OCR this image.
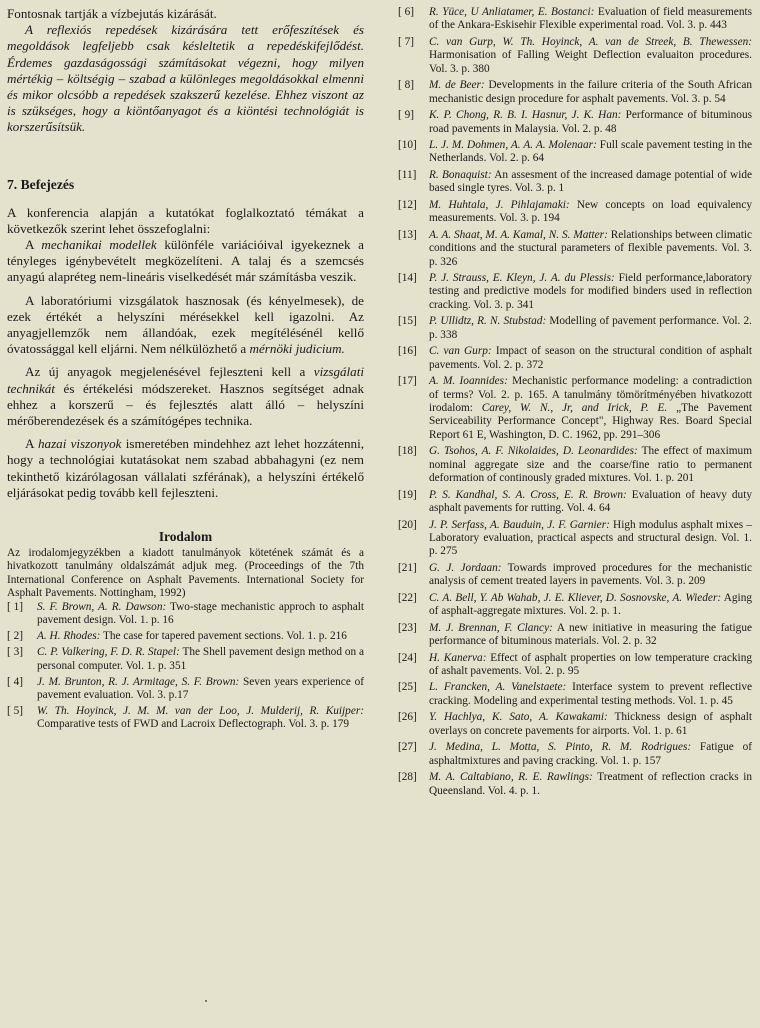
Fontosnak tartják a vízbejutás kizárását.

A reflexiós repedések kizárására tett erőfeszítések és megoldások legfeljebb csak késleltetik a repedéskifejlődést. Érdemes gazdaságossági számításokat végezni, hogy milyen mértékig – költségig – szabad a különleges megoldásokkal elmenni és mikor olcsóbb a repedések szakszerű kezelése. Ehhez viszont az is szükséges, hogy a kiöntőanyagot és a kiöntési technológiát is korszerűsítsük.

7. Befejezés

A konferencia alapján a kutatókat foglalkoztató témákat a következők szerint lehet összefoglalni:

A mechanikai modellek különféle variációival igyekeznek a tényleges igénybevételt megközelíteni. A talaj és a szemcsés anyagú alapréteg nem-lineáris viselkedését már számításba veszik.

A laboratóriumi vizsgálatok hasznosak (és kényelmesek), de ezek értékét a helyszíni mérésekkel kell igazolni. Az anyagjellemzők nem állandóak, ezek megítélésénél kellő óvatossággal kell eljárni. Nem nélkülözhető a mérnöki judicium.

Az új anyagok megjelenésével fejleszteni kell a vizsgálati technikát és értékelési módszereket. Hasznos segítséget adnak ehhez a korszerű – és fejlesztés alatt álló – helyszíni mérőberendezések és a számítógépes technika.

A hazai viszonyok ismeretében mindehhez azt lehet hozzátenni, hogy a technológiai kutatásokat nem szabad abbahagyni (ez nem tekinthető kizárólagosan vállalati szférának), a helyszíni értékelő eljárásokat pedig tovább kell fejleszteni.

Irodalom

Az irodalomjegyzékben a kiadott tanulmányok kötetének számát és a hivatkozott tanulmány oldalszámát adjuk meg. (Proceedings of the 7th International Conference on Asphalt Pavements. International Society for Asphalt Pavements. Nottingham, 1992)

[ 1]	S. F. Brown, A. R. Dawson: Two-stage mechanistic approch to asphalt pavement design. Vol. 1. p. 16
[ 2]	A. H. Rhodes: The case for tapered pavement sections. Vol. 1. p. 216
[ 3]	C. P. Valkering, F. D. R. Stapel: The Shell pavement design method on a personal computer. Vol. 1. p. 351
[ 4]	J. M. Brunton, R. J. Armitage, S. F. Brown: Seven years experience of pavement evaluation. Vol. 3. p.17
[ 5]	W. Th. Hoyinck, J. M. M. van der Loo, J. Mulderij, R. Kuijper: Comparative tests of FWD and Lacroix Deflectograph. Vol. 3. p. 179
[ 6]	R. Yüce, U Anliatamer, E. Bostanci: Evaluation of field measurements of the Ankara-Eskisehir Flexible experimental road. Vol. 3. p. 443
[ 7]	C. van Gurp, W. Th. Hoyinck, A. van de Streek, B. Thewessen: Harmonisation of Falling Weight Deflection evaluaiton procedures. Vol. 3. p. 380
[ 8]	M. de Beer: Developments in the failure criteria of the South African mechanistic design procedure for asphalt pavements. Vol. 3. p. 54
[ 9]	K. P. Chong, R. B. I. Hasnur, J. K. Han: Performance of bituminous road pavements in Malaysia. Vol. 2. p. 48
[10]	L. J. M. Dohmen, A. A. A. Molenaar: Full scale pavement testing in the Netherlands. Vol. 2. p. 64
[11]	R. Bonaquist: An assesment of the increased damage potential of wide based single tyres. Vol. 3. p. 1
[12]	M. Huhtala, J. Pihlajamaki: New concepts on load equivalency measurements. Vol. 3. p. 194
[13]	A. A. Shaat, M. A. Kamal, N. S. Matter: Relationships between climatic conditions and the stuctural parameters of flexible pavements. Vol. 3. p. 326
[14]	P. J. Strauss, E. Kleyn, J. A. du Plessis: Field performance,laboratory testing and predictive models for modified binders used in reflection cracking. Vol. 3. p. 341
[15]	P. Ullidtz, R. N. Stubstad: Modelling of pavement performance. Vol. 2. p. 338
[16]	C. van Gurp: Impact of season on the structural condition of asphalt pavements. Vol. 2. p. 372
[17]	A. M. Ioannides: Mechanistic performance modeling: a contradiction of terms? Vol. 2. p. 165. A tanulmány tömörítményében hivatkozott irodalom: Carey, W. N., Jr, and Irick, P. E. „The Pavement Serviceability Performance Concept", Highway Res. Board Special Report 61 E, Washington, D. C. 1962, pp. 291–306
[18]	G. Tsohos, A. F. Nikolaides, D. Leonardides: The effect of maximum nominal aggregate size and the coarse/fine ratio to permanent deformation of continously graded mixtures. Vol. 1. p. 201
[19]	P. S. Kandhal, S. A. Cross, E. R. Brown: Evaluation of heavy duty asphalt pavements for rutting. Vol. 4. 64
[20]	J. P. Serfass, A. Bauduin, J. F. Garnier: High modulus asphalt mixes – Laboratory evaluation, practical aspects and structural design. Vol. 1. p. 275
[21]	G. J. Jordaan: Towards improved procedures for the mechanistic analysis of cement treated layers in pavements. Vol. 3. p. 209
[22]	C. A. Bell, Y. Ab Wahab, J. E. Kliever, D. Sosnovske, A. Wieder: Aging of asphalt-aggregate mixtures. Vol. 2. p. 1.
[23]	M. J. Brennan, F. Clancy: A new initiative in measuring the fatigue performance of bituminous materials. Vol. 2. p. 32
[24]	H. Kanerva: Effect of asphalt properties on low temperature cracking of ashalt pavements. Vol. 2. p. 95
[25]	L. Francken, A. Vanelstaete: Interface system to prevent reflective cracking. Modeling and experimental testing methods. Vol. 1. p. 45
[26]	Y. Hachlya, K. Sato, A. Kawakami: Thickness design of asphalt overlays on concrete pavements for airports. Vol. 1. p. 61
[27]	J. Medina, L. Motta, S. Pinto, R. M. Rodrigues: Fatigue of asphaltmixtures and paving cracking. Vol. 1. p. 157
[28]	M. A. Caltabiano, R. E. Rawlings: Treatment of reflection cracks in Queensland. Vol. 4. p. 1.
